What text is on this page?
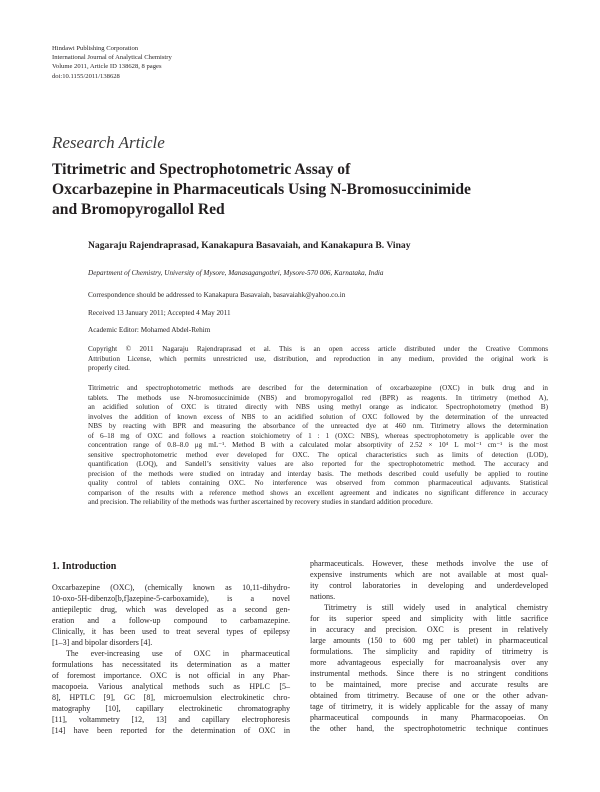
Hindawi Publishing Corporation
International Journal of Analytical Chemistry
Volume 2011, Article ID 138628, 8 pages
doi:10.1155/2011/138628
Research Article
Titrimetric and Spectrophotometric Assay of
Oxcarbazepine in Pharmaceuticals Using N-Bromosuccinimide
and Bromopyrogallol Red
Nagaraju Rajendraprasad, Kanakapura Basavaiah, and Kanakapura B. Vinay
Department of Chemistry, University of Mysore, Manasagangothri, Mysore-570 006, Karnataka, India
Correspondence should be addressed to Kanakapura Basavaiah, basavaiahk@yahoo.co.in
Received 13 January 2011; Accepted 4 May 2011
Academic Editor: Mohamed Abdel-Rehim
Copyright © 2011 Nagaraju Rajendraprasad et al. This is an open access article distributed under the Creative Commons
Attribution License, which permits unrestricted use, distribution, and reproduction in any medium, provided the original work is
properly cited.
Titrimetric and spectrophotometric methods are described for the determination of oxcarbazepine (OXC) in bulk drug and in
tablets. The methods use N-bromosuccinimide (NBS) and bromopyrogallol red (BPR) as reagents. In titrimetry (method A),
an acidified solution of OXC is titrated directly with NBS using methyl orange as indicator. Spectrophotometry (method B)
involves the addition of known excess of NBS to an acidified solution of OXC followed by the determination of the unreacted
NBS by reacting with BPR and measuring the absorbance of the unreacted dye at 460 nm. Titrimetry allows the determination
of 6–18 mg of OXC and follows a reaction stoichiometry of 1 : 1 (OXC: NBS), whereas spectrophotometry is applicable over the
concentration range of 0.8–8.0 μg mL⁻¹. Method B with a calculated molar absorptivity of 2.52 × 10⁴ L mol⁻¹ cm⁻¹ is the most
sensitive spectrophotometric method ever developed for OXC. The optical characteristics such as limits of detection (LOD),
quantification (LOQ), and Sandell’s sensitivity values are also reported for the spectrophotometric method. The accuracy and
precision of the methods were studied on intraday and interday basis. The methods described could usefully be applied to routine
quality control of tablets containing OXC. No interference was observed from common pharmaceutical adjuvants. Statistical
comparison of the results with a reference method shows an excellent agreement and indicates no significant difference in accuracy
and precision. The reliability of the methods was further ascertained by recovery studies in standard addition procedure.
1. Introduction
Oxcarbazepine (OXC), (chemically known as 10,11-dihydro-
10-oxo-5H-dibenzo[b,f]azepine-5-carboxamide), is a novel
antiepileptic drug, which was developed as a second gen-
eration and a follow-up compound to carbamazepine.
Clinically, it has been used to treat several types of epilepsy
[1–3] and bipolar disorders [4].
The ever-increasing use of OXC in pharmaceutical
formulations has necessitated its determination as a matter
of foremost importance. OXC is not official in any Phar-
macopoeia. Various analytical methods such as HPLC [5–
8], HPTLC [9], GC [8], microemulsion electrokinetic chro-
matography [10], capillary electrokinetic chromatography
[11], voltammetry [12, 13] and capillary electrophoresis
[14] have been reported for the determination of OXC in
pharmaceuticals. However, these methods involve the use of
expensive instruments which are not available at most qual-
ity control laboratories in developing and underdeveloped
nations.
Titrimetry is still widely used in analytical chemistry
for its superior speed and simplicity with little sacrifice
in accuracy and precision. OXC is present in relatively
large amounts (150 to 600 mg per tablet) in pharmaceutical
formulations. The simplicity and rapidity of titrimetry is
more advantageous especially for macroanalysis over any
instrumental methods. Since there is no stringent conditions
to be maintained, more precise and accurate results are
obtained from titrimetry. Because of one or the other advan-
tage of titrimetry, it is widely applicable for the assay of many
pharmaceutical compounds in many Pharmacopoeias. On
the other hand, the spectrophotometric technique continues
